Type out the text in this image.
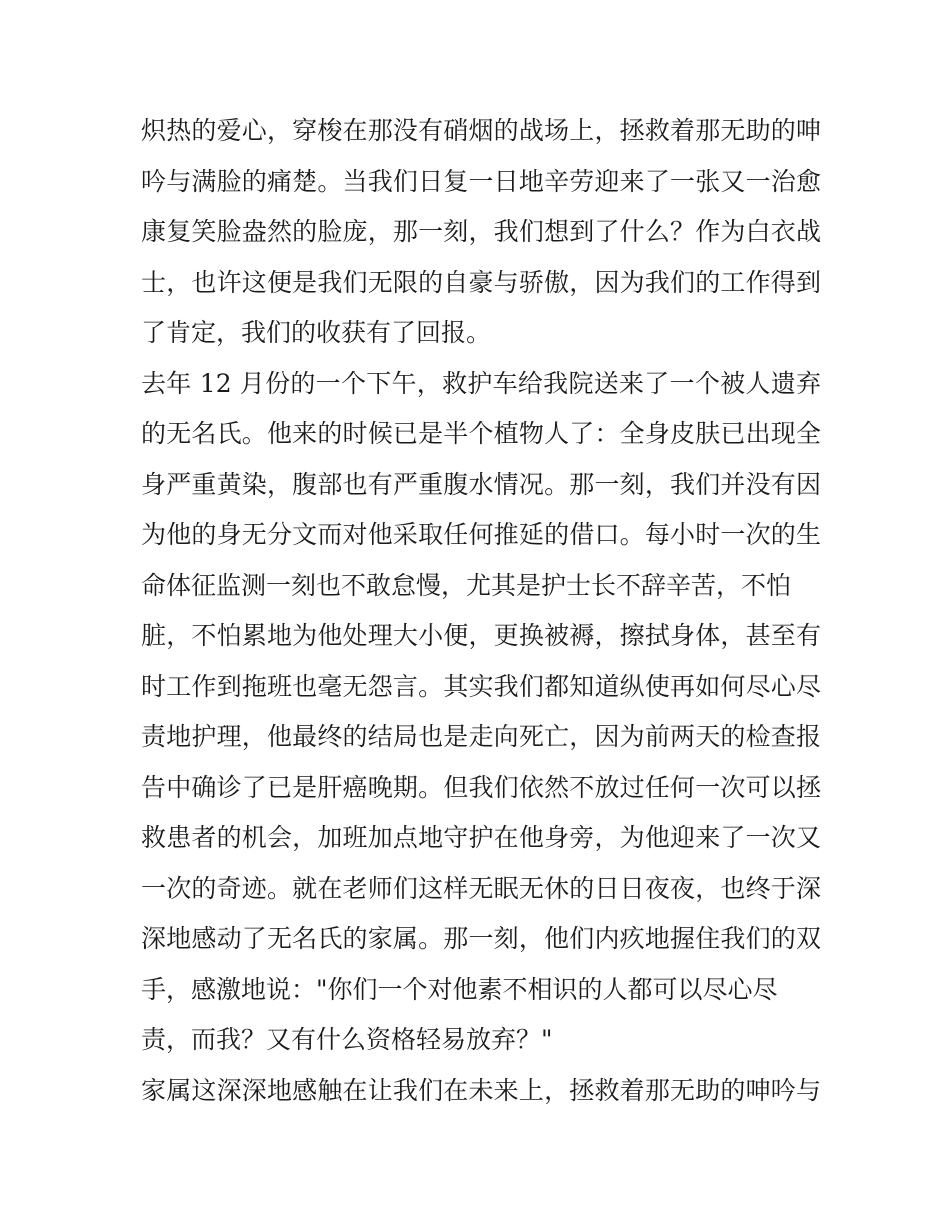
炽热的爱心，穿梭在那没有硝烟的战场上，拯救着那无助的呻
吟与满脸的痛楚。当我们日复一日地辛劳迎来了一张又一治愈
康复笑脸盎然的脸庞，那一刻，我们想到了什么？作为白衣战
士，也许这便是我们无限的自豪与骄傲，因为我们的工作得到
了肯定，我们的收获有了回报。
去年 12 月份的一个下午，救护车给我院送来了一个被人遗弃
的无名氏。他来的时候已是半个植物人了：全身皮肤已出现全
身严重黄染，腹部也有严重腹水情况。那一刻，我们并没有因
为他的身无分文而对他采取任何推延的借口。每小时一次的生
命体征监测一刻也不敢怠慢，尤其是护士长不辞辛苦，不怕
脏，不怕累地为他处理大小便，更换被褥，擦拭身体，甚至有
时工作到拖班也毫无怨言。其实我们都知道纵使再如何尽心尽
责地护理，他最终的结局也是走向死亡，因为前两天的检查报
告中确诊了已是肝癌晚期。但我们依然不放过任何一次可以拯
救患者的机会，加班加点地守护在他身旁，为他迎来了一次又
一次的奇迹。就在老师们这样无眠无休的日日夜夜，也终于深
深地感动了无名氏的家属。那一刻，他们内疚地握住我们的双
手，感激地说："你们一个对他素不相识的人都可以尽心尽
责，而我？又有什么资格轻易放弃？"
家属这深深地感触在让我们在未来上，拯救着那无助的呻吟与
